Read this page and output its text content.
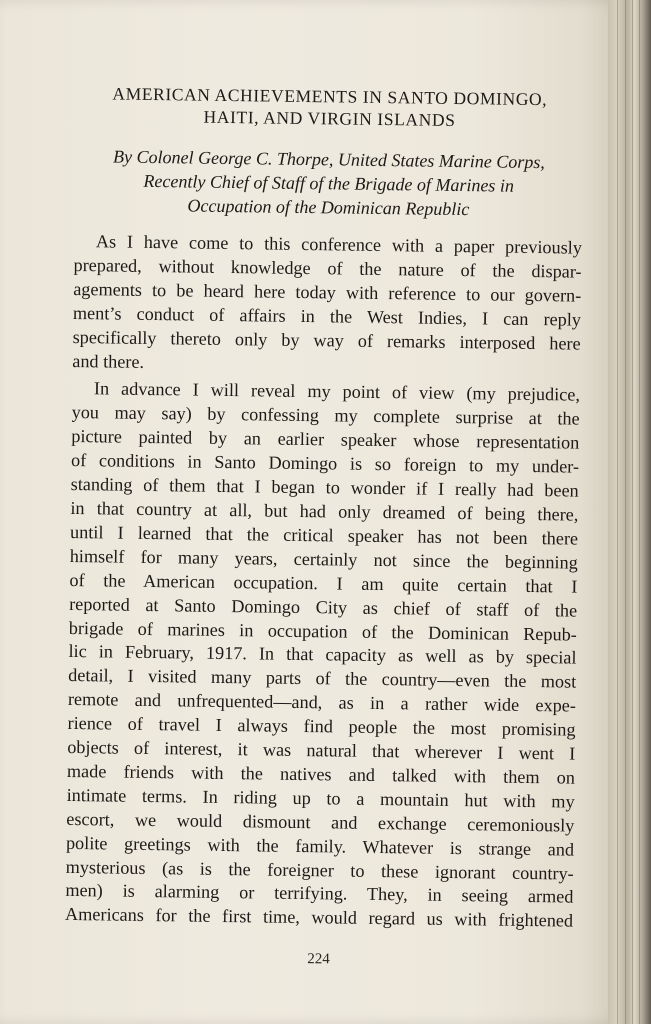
AMERICAN ACHIEVEMENTS IN SANTO DOMINGO,
HAITI, AND VIRGIN ISLANDS
By Colonel George C. Thorpe, United States Marine Corps,
Recently Chief of Staff of the Brigade of Marines in
Occupation of the Dominican Republic
As I have come to this conference with a paper previously
prepared, without knowledge of the nature of the dispar-
agements to be heard here today with reference to our govern-
ment’s conduct of affairs in the West Indies, I can reply
specifically thereto only by way of remarks interposed here
and there.
In advance I will reveal my point of view (my prejudice,
you may say) by confessing my complete surprise at the
picture painted by an earlier speaker whose representation
of conditions in Santo Domingo is so foreign to my under-
standing of them that I began to wonder if I really had been
in that country at all, but had only dreamed of being there,
until I learned that the critical speaker has not been there
himself for many years, certainly not since the beginning
of the American occupation. I am quite certain that I
reported at Santo Domingo City as chief of staff of the
brigade of marines in occupation of the Dominican Repub-
lic in February, 1917. In that capacity as well as by special
detail, I visited many parts of the country—even the most
remote and unfrequented—and, as in a rather wide expe-
rience of travel I always find people the most promising
objects of interest, it was natural that wherever I went I
made friends with the natives and talked with them on
intimate terms. In riding up to a mountain hut with my
escort, we would dismount and exchange ceremoniously
polite greetings with the family. Whatever is strange and
mysterious (as is the foreigner to these ignorant country-
men) is alarming or terrifying. They, in seeing armed
Americans for the first time, would regard us with frightened
224
